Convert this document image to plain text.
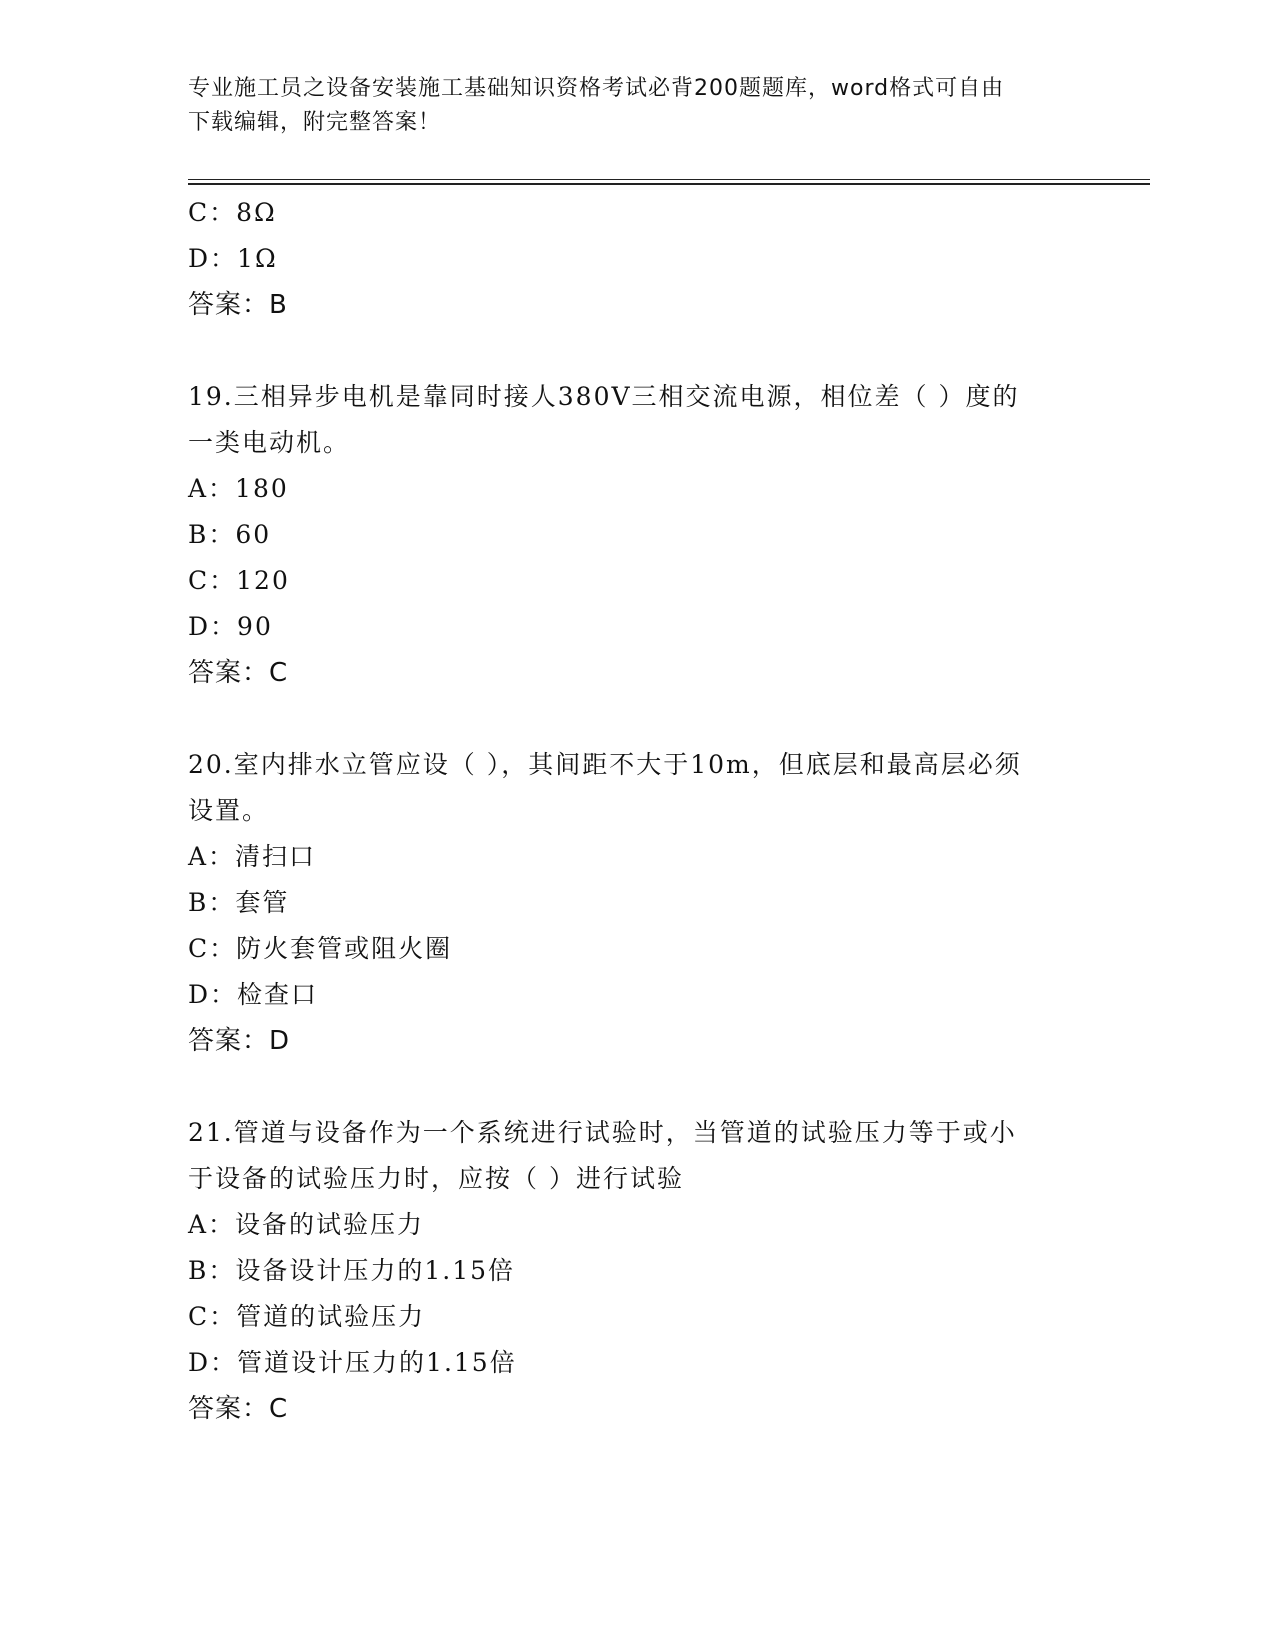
专业施工员之设备安装施工基础知识资格考试必背200题题库，word格式可自由
下载编辑，附完整答案！
C：8Ω
D：1Ω
答案：B
19.三相异步电机是靠同时接人380V三相交流电源，相位差（ ）度的
一类电动机。
A：180
B：60
C：120
D：90
答案：C
20.室内排水立管应设（ ），其间距不大于10m，但底层和最高层必须
设置。
A：清扫口
B：套管
C：防火套管或阻火圈
D：检查口
答案：D
21.管道与设备作为一个系统进行试验时，当管道的试验压力等于或小
于设备的试验压力时，应按（ ）进行试验
A：设备的试验压力
B：设备设计压力的1.15倍
C：管道的试验压力
D：管道设计压力的1.15倍
答案：C
